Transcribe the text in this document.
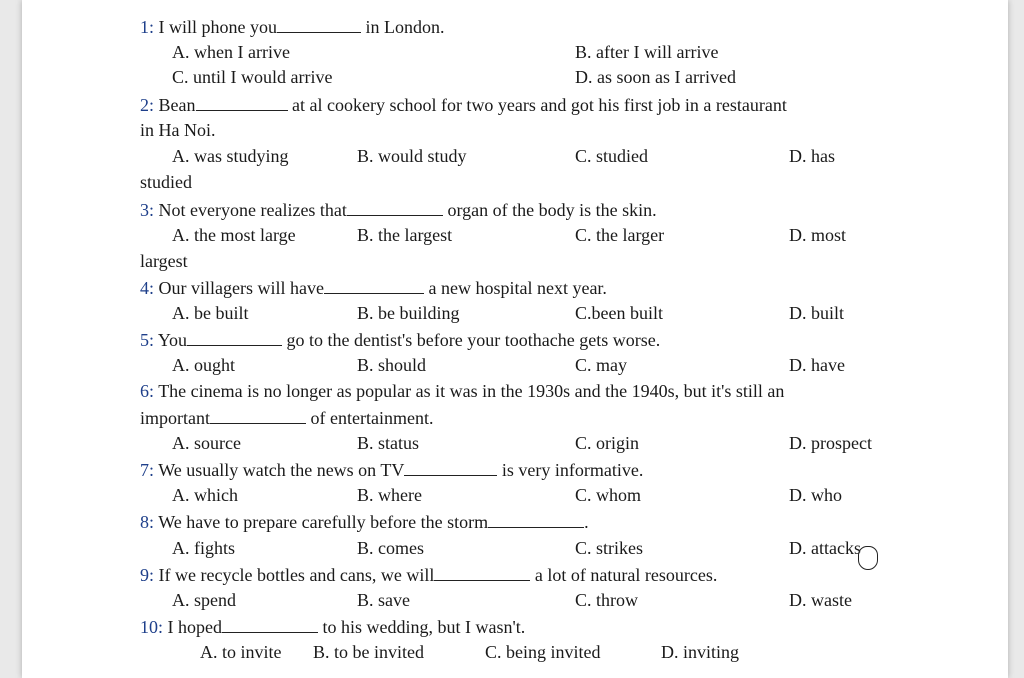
1: I will phone you	in London.
A. when I arrive	B. after I will arrive
C. until I would arrive	D. as soon as I arrived
2: Bean	at al cookery school for two years and got his first job in a restaurant
in Ha Noi.
A. was studying	B. would study	C. studied	D. has
studied
3: Not everyone realizes that	organ of the body is the skin.
A. the most large	B. the largest	C. the larger	D. most
largest
4: Our villagers will have	a new hospital next year.
A. be built	B. be building	C.been built	D. built
5: You	go to the dentist's before your toothache gets worse.
A. ought	B. should	C. may	D. have
6: The cinema is no longer as popular as it was in the 1930s and the 1940s, but it's still an
important	of entertainment.
A. source	B. status	C. origin	D. prospect
7: We usually watch the news on TV	is very informative.
A. which	B. where	C. whom	D. who
8: We have to prepare carefully before the storm	.
A. fights	B. comes	C. strikes	D. attacks
9: If we recycle bottles and cans, we will	a lot of natural resources.
A. spend	B. save	C. throw	D. waste
10: I hoped	to his wedding, but I wasn't.
A. to invite B. to be invited	C. being invited	D. inviting
